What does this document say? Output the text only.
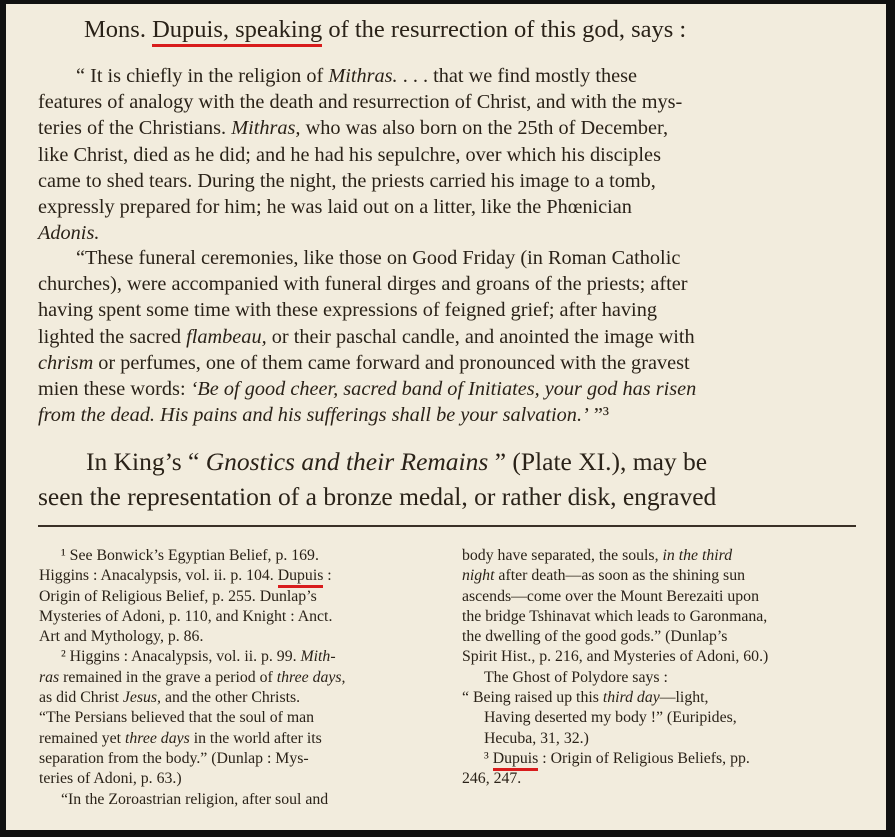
Mons. Dupuis, speaking of the resurrection of this god, says :
“ It is chiefly in the religion of Mithras. . . . that we find mostly these
features of analogy with the death and resurrection of Christ, and with the mys-
teries of the Christians. Mithras, who was also born on the 25th of December,
like Christ, died as he did; and he had his sepulchre, over which his disciples
came to shed tears. During the night, the priests carried his image to a tomb,
expressly prepared for him; he was laid out on a litter, like the Phœnician
Adonis.
“These funeral ceremonies, like those on Good Friday (in Roman Catholic
churches), were accompanied with funeral dirges and groans of the priests; after
having spent some time with these expressions of feigned grief; after having
lighted the sacred flambeau, or their paschal candle, and anointed the image with
chrism or perfumes, one of them came forward and pronounced with the gravest
mien these words: ‘Be of good cheer, sacred band of Initiates, your god has risen
from the dead. His pains and his sufferings shall be your salvation.’ ”³
In King’s “ Gnostics and their Remains ” (Plate XI.), may be
seen the representation of a bronze medal, or rather disk, engraved
¹ See Bonwick’s Egyptian Belief, p. 169.
Higgins : Anacalypsis, vol. ii. p. 104. Dupuis :
Origin of Religious Belief, p. 255. Dunlap’s
Mysteries of Adoni, p. 110, and Knight : Anct.
Art and Mythology, p. 86.
² Higgins : Anacalypsis, vol. ii. p. 99. Mith-
ras remained in the grave a period of three days,
as did Christ Jesus, and the other Christs.
“The Persians believed that the soul of man
remained yet three days in the world after its
separation from the body.” (Dunlap : Mys-
teries of Adoni, p. 63.)
“In the Zoroastrian religion, after soul and
body have separated, the souls, in the third
night after death—as soon as the shining sun
ascends—come over the Mount Berezaiti upon
the bridge Tshinavat which leads to Garonmana,
the dwelling of the good gods.” (Dunlap’s
Spirit Hist., p. 216, and Mysteries of Adoni, 60.)
The Ghost of Polydore says :
“ Being raised up this third day—light,
Having deserted my body !” (Euripides,
Hecuba, 31, 32.)
³ Dupuis : Origin of Religious Beliefs, pp.
246, 247.
